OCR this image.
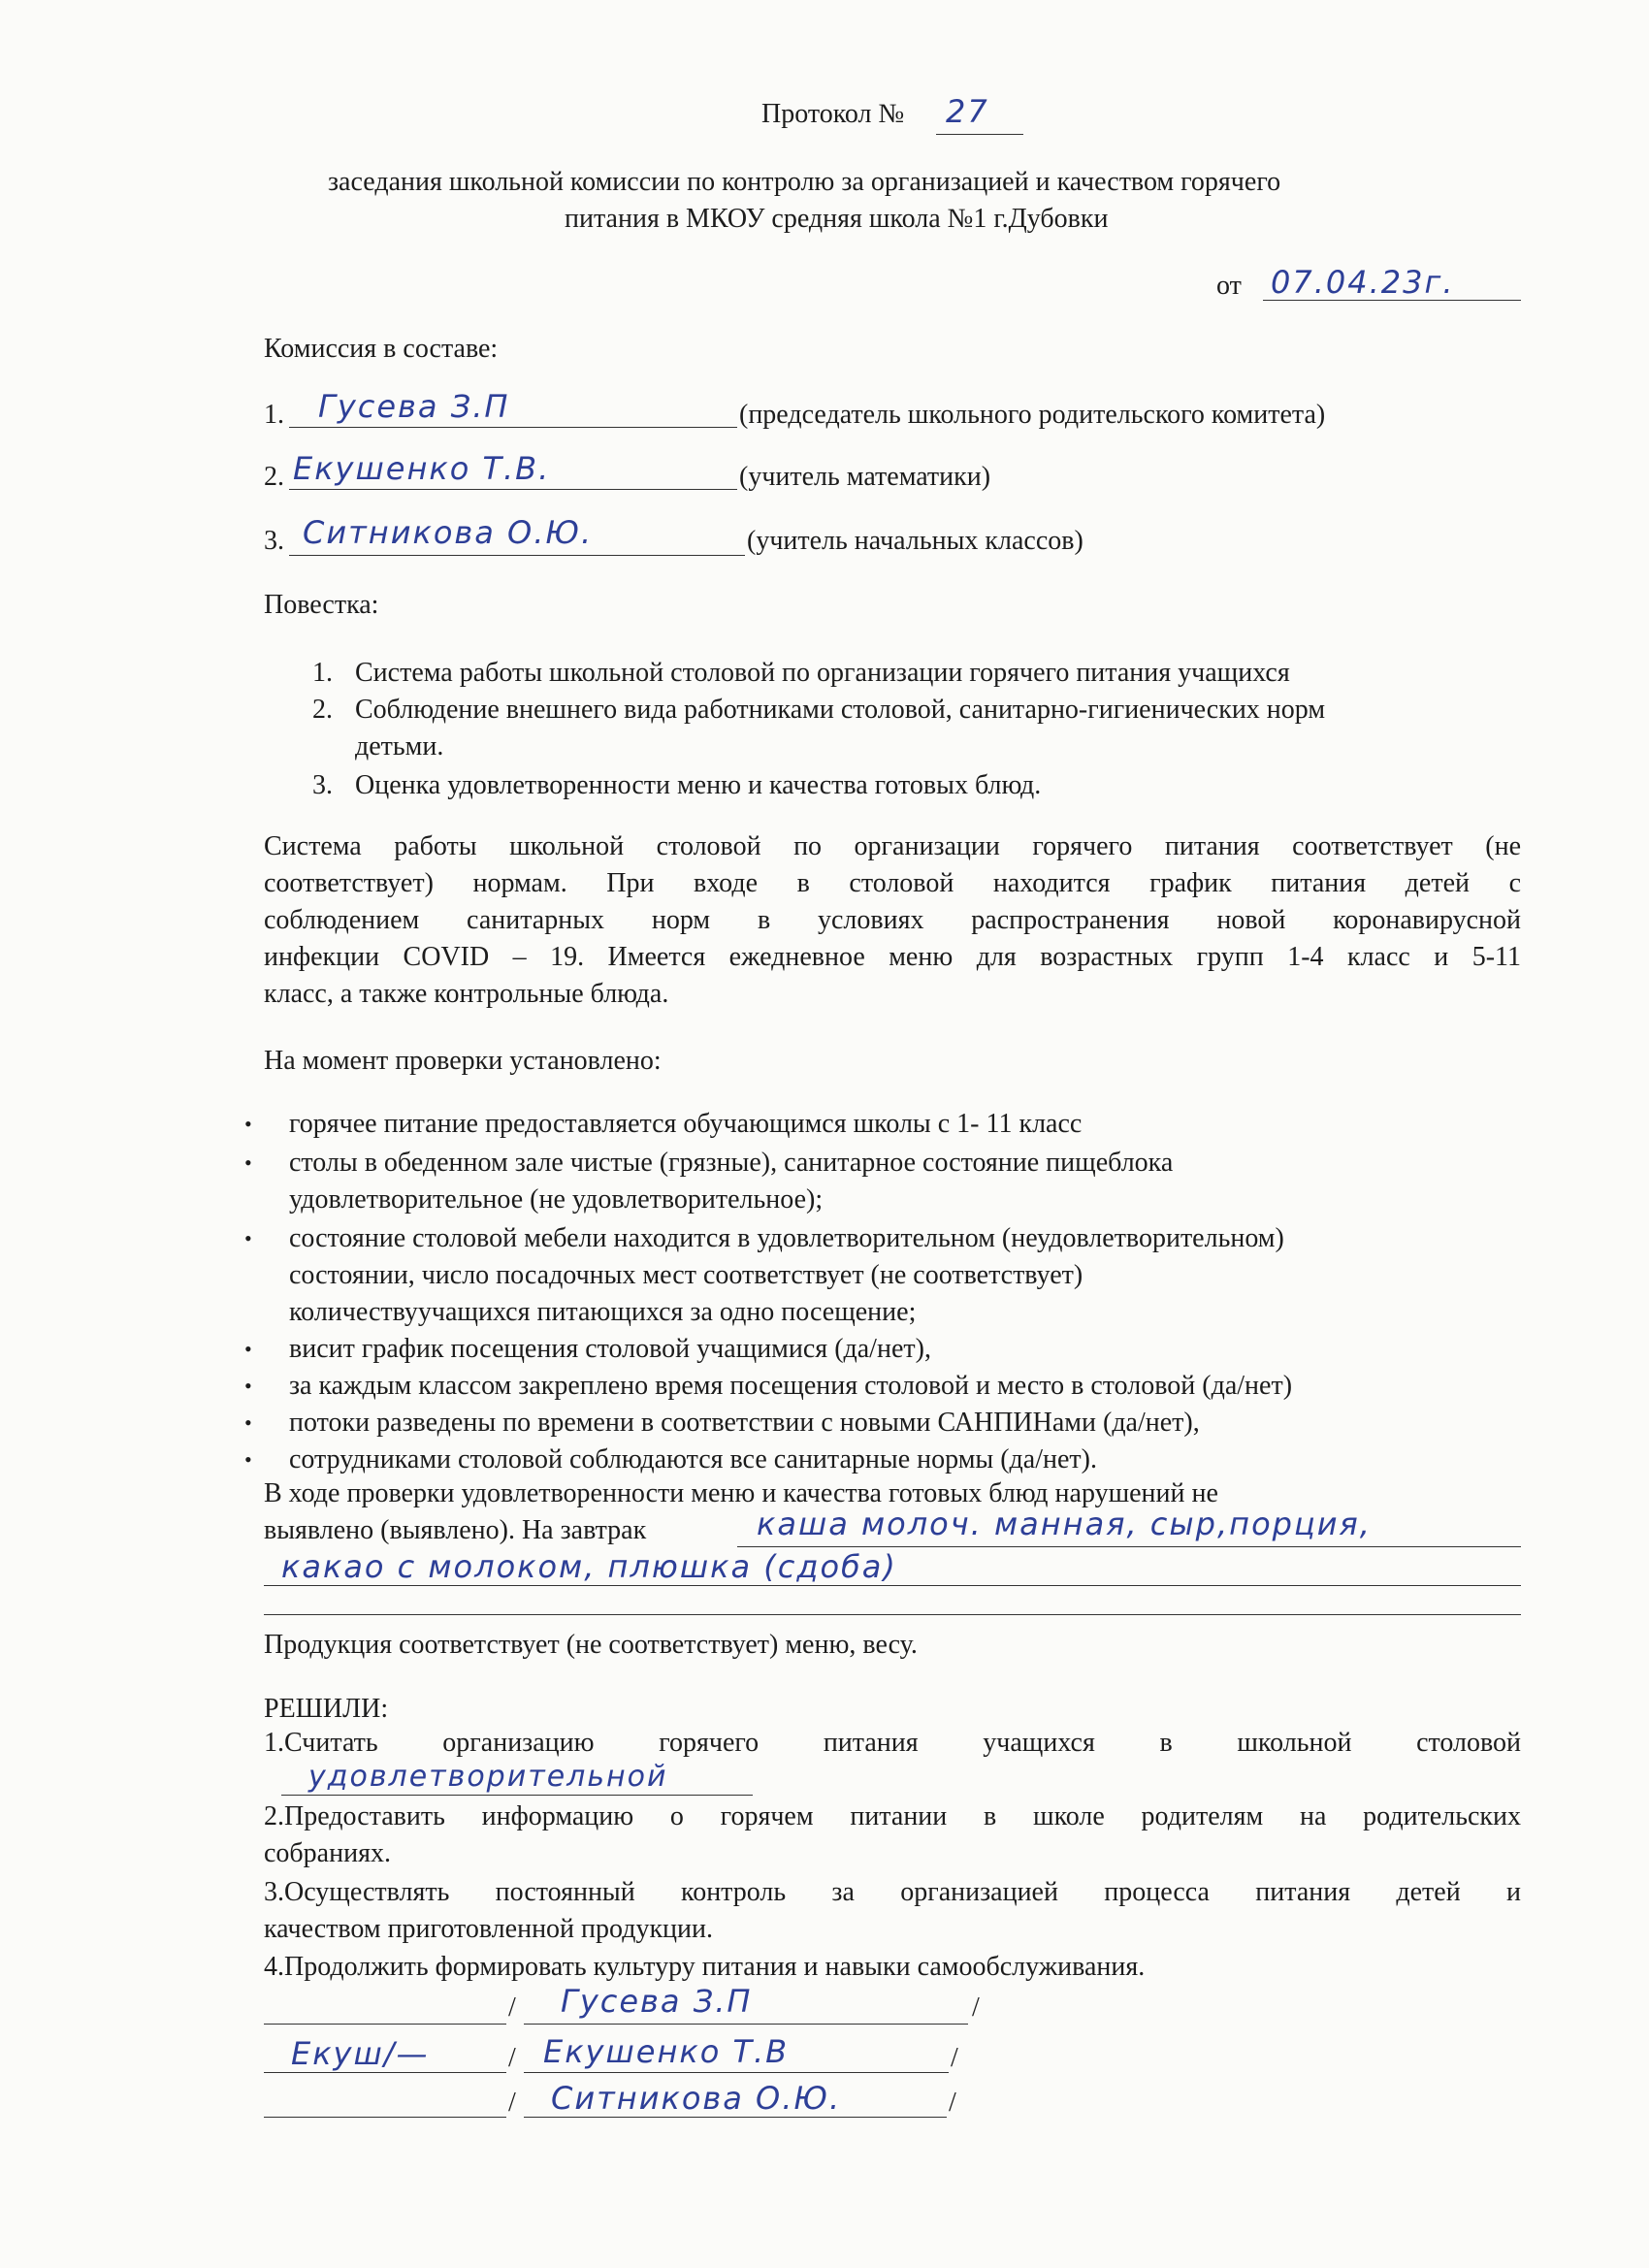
Протокол № 27
заседания школьной комиссии по контролю за организацией и качеством горячего
питания в МКОУ средняя школа №1 г.Дубовки
от 07.04.23г.
Комиссия в составе:
1. Гусева З.П	(председатель школьного родительского комитета)
2. Екушенко Т.В.	(учитель математики)
3. Ситникова О.Ю.	(учитель начальных классов)
Повестка:
1. Система работы школьной столовой по организации горячего питания учащихся
2. Соблюдение внешнего вида работниками столовой, санитарно-гигиенических норм
детьми.
3. Оценка удовлетворенности меню и качества готовых блюд.
Система работы школьной столовой по организации горячего питания соответствует (не
соответствует) нормам. При входе в столовой находится график питания детей с
соблюдением санитарных норм в условиях распространения новой коронавирусной
инфекции COVID – 19. Имеется ежедневное меню для возрастных групп 1-4 класс и 5-11
класс, а также контрольные блюда.
На момент проверки установлено:
• горячее питание предоставляется обучающимся школы с 1- 11 класс
• столы в обеденном зале чистые (грязные), санитарное состояние пищеблока
удовлетворительное (не удовлетворительное);
• состояние столовой мебели находится в удовлетворительном (неудовлетворительном)
состоянии, число посадочных мест соответствует (не соответствует)
количествуучащихся питающихся за одно посещение;
• висит график посещения столовой учащимися (да/нет),
• за каждым классом закреплено время посещения столовой и место в столовой (да/нет)
• потоки разведены по времени в соответствии с новыми САНПИНами (да/нет),
• сотрудниками столовой соблюдаются все санитарные нормы (да/нет).
В ходе проверки удовлетворенности меню и качества готовых блюд нарушений не
выявлено (выявлено). На завтрак	каша молоч. манная, сыр,порция,
какао с молоком, плюшка (сдоба)
Продукция соответствует (не соответствует) меню, весу.
РЕШИЛИ:
1.Считать организацию горячего питания учащихся в школьной столовой
удовлетворительной
2.Предоставить информацию о горячем питании в школе родителям на родительских
собраниях.
3.Осуществлять постоянный контроль за организацией процесса питания детей и
качеством приготовленной продукции.
4.Продолжить формировать культуру питания и навыки самообслуживания.
/ Гусева З.П	/
Екуш/—	/ Екушенко Т.В	/
/ Ситникова О.Ю.	/
